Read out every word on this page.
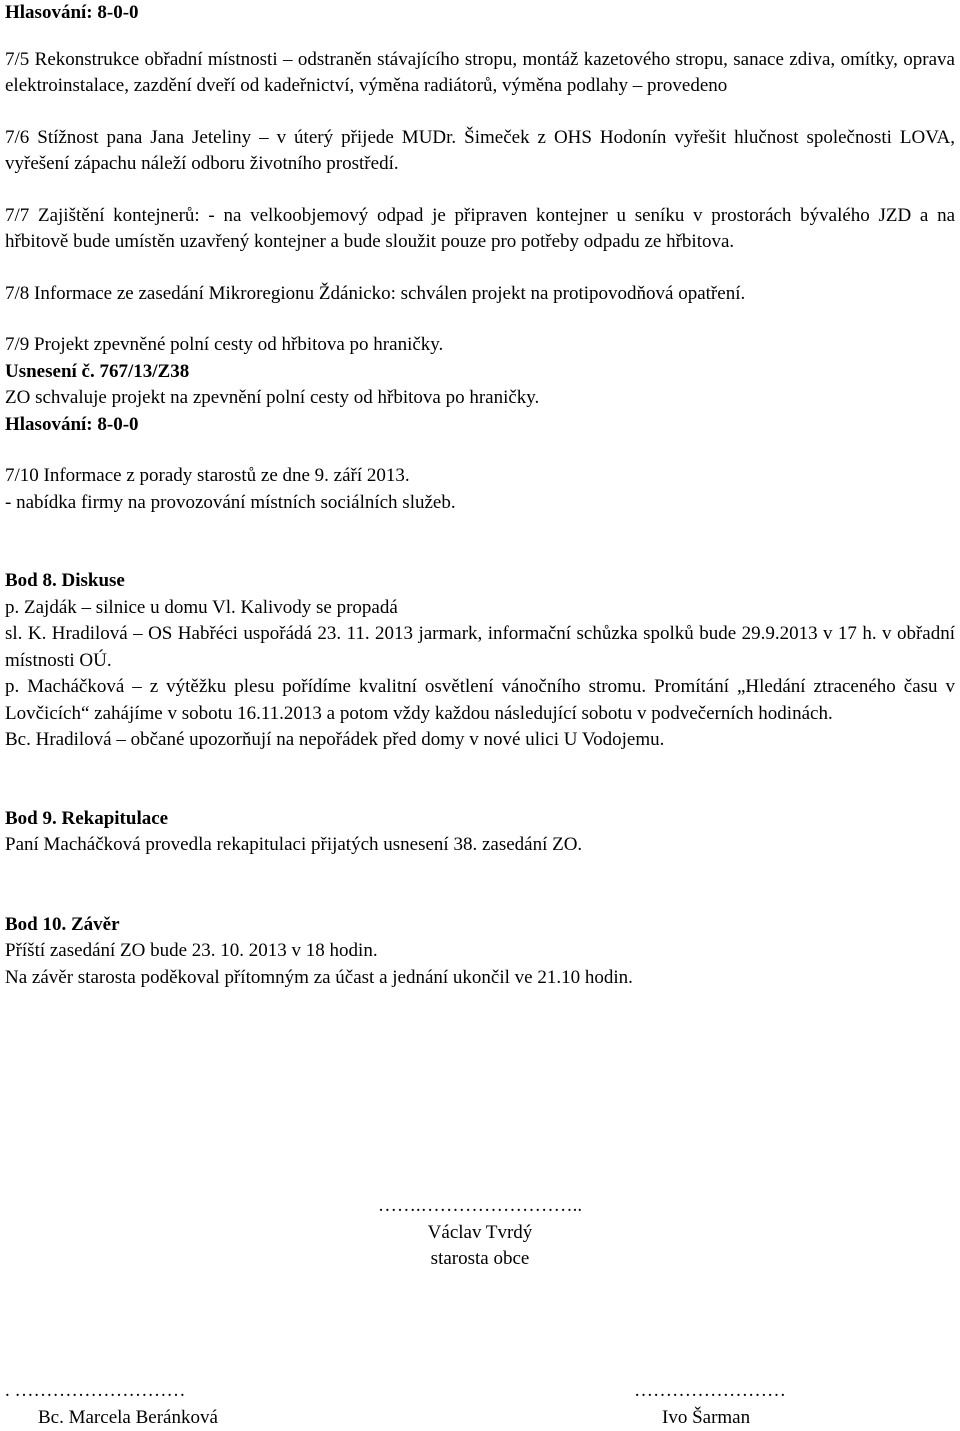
Hlasování: 8-0-0

7/5 Rekonstrukce obřadní místnosti – odstraněn stávajícího stropu, montáž kazetového stropu, sanace zdiva, omítky, oprava elektroinstalace, zazdění dveří od kadeřnictví, výměna radiátorů, výměna podlahy – provedeno

7/6 Stížnost pana Jana Jeteliny – v úterý přijede MUDr. Šimeček z OHS Hodonín vyřešit hlučnost společnosti LOVA, vyřešení zápachu náleží odboru životního prostředí.

7/7 Zajištění kontejnerů: - na velkoobjemový odpad je připraven kontejner u seníku v prostorách bývalého JZD a na hřbitově bude umístěn uzavřený kontejner a bude sloužit pouze pro potřeby odpadu ze hřbitova.

7/8 Informace ze zasedání Mikroregionu Ždánicko: schválen projekt na protipovodňová opatření.

7/9 Projekt zpevněné polní cesty od hřbitova po hraničky.

Usnesení č. 767/13/Z38

ZO schvaluje projekt na zpevnění polní cesty od hřbitova po hraničky.

Hlasování: 8-0-0

7/10 Informace z porady starostů ze dne 9. září 2013.

- nabídka firmy na provozování místních sociálních služeb.

Bod 8. Diskuse

p. Zajdák – silnice u domu Vl. Kalivody se propadá

sl. K. Hradilová – OS Habřéci uspořádá 23. 11. 2013 jarmark, informační schůzka spolků bude 29.9.2013 v 17 h. v obřadní místnosti OÚ.

p. Macháčková – z výtěžku plesu pořídíme kvalitní osvětlení vánočního stromu. Promítání „Hledání ztraceného času v Lovčicích“ zahájíme v sobotu 16.11.2013 a potom vždy každou následující sobotu v podvečerních hodinách.

Bc. Hradilová – občané upozorňují na nepořádek před domy v nové ulici U Vodojemu.

Bod 9. Rekapitulace

Paní Macháčková provedla rekapitulaci přijatých usnesení 38. zasedání ZO.

Bod 10. Závěr

Příští zasedání ZO bude 23. 10. 2013 v 18 hodin.

Na závěr starosta poděkoval přítomným za účast a jednání ukončil ve 21.10 hodin.

…….……………………..
Václav Tvrdý
starosta obce
. ………………………
Bc. Marcela Beránková
……………………
Ivo Šarman
